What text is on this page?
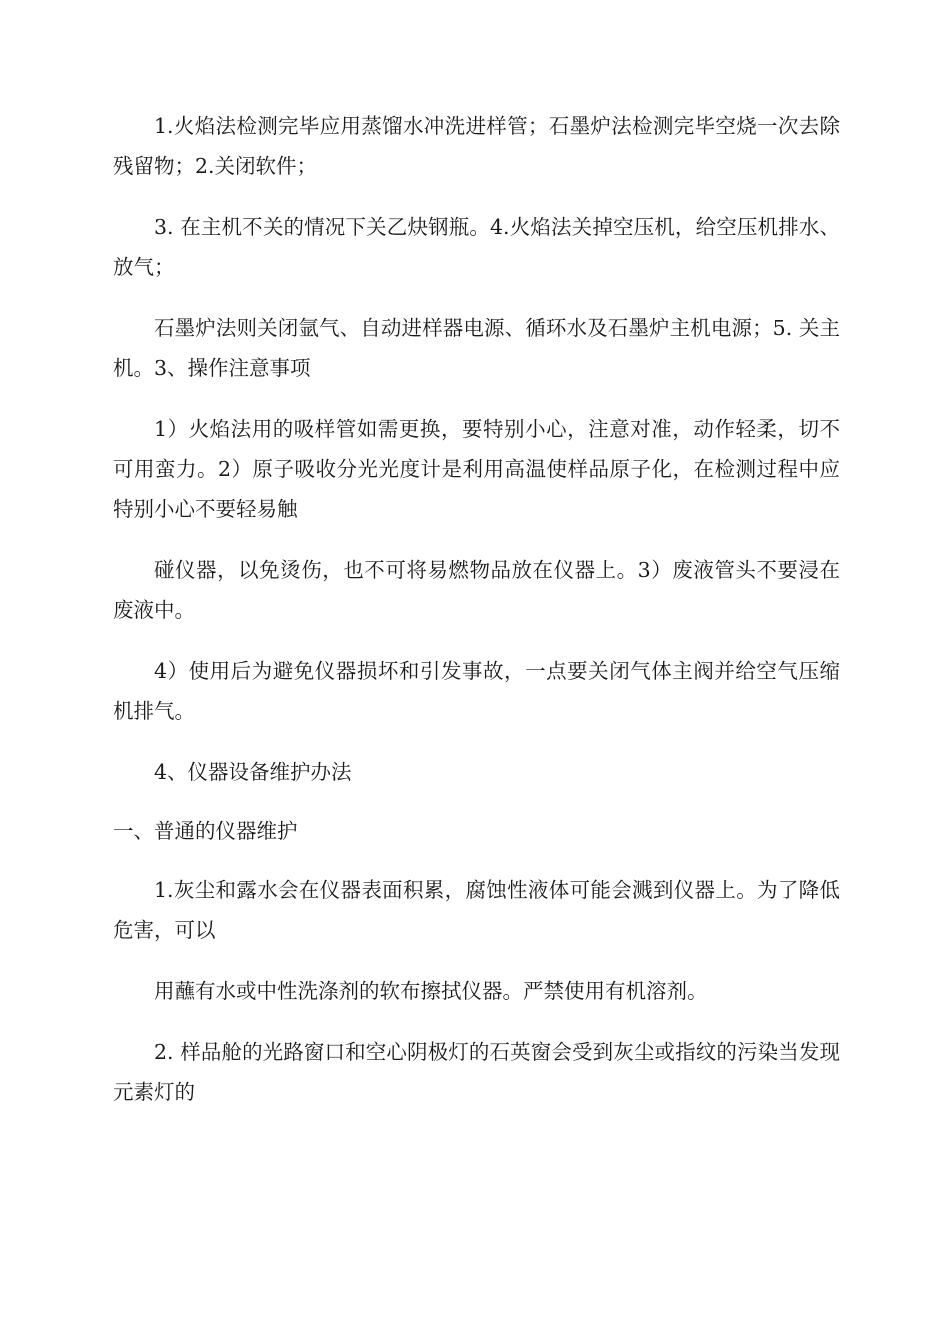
1.火焰法检测完毕应用蒸馏水冲洗进样管；石墨炉法检测完毕空烧一次去除残留物；2.关闭软件；

3. 在主机不关的情况下关乙炔钢瓶。4.火焰法关掉空压机，给空压机排水、放气；

石墨炉法则关闭氩气、自动进样器电源、循环水及石墨炉主机电源；5. 关主机。3、操作注意事项

1）火焰法用的吸样管如需更换，要特别小心，注意对准，动作轻柔，切不可用蛮力。2）原子吸收分光光度计是利用高温使样品原子化，在检测过程中应特别小心不要轻易触

碰仪器，以免烫伤，也不可将易燃物品放在仪器上。3）废液管头不要浸在废液中。

4）使用后为避免仪器损坏和引发事故，一点要关闭气体主阀并给空气压缩机排气。

4、仪器设备维护办法

一、普通的仪器维护

1.灰尘和露水会在仪器表面积累，腐蚀性液体可能会溅到仪器上。为了降低危害，可以

用蘸有水或中性洗涤剂的软布擦拭仪器。严禁使用有机溶剂。

2. 样品舱的光路窗口和空心阴极灯的石英窗会受到灰尘或指纹的污染当发现元素灯的
